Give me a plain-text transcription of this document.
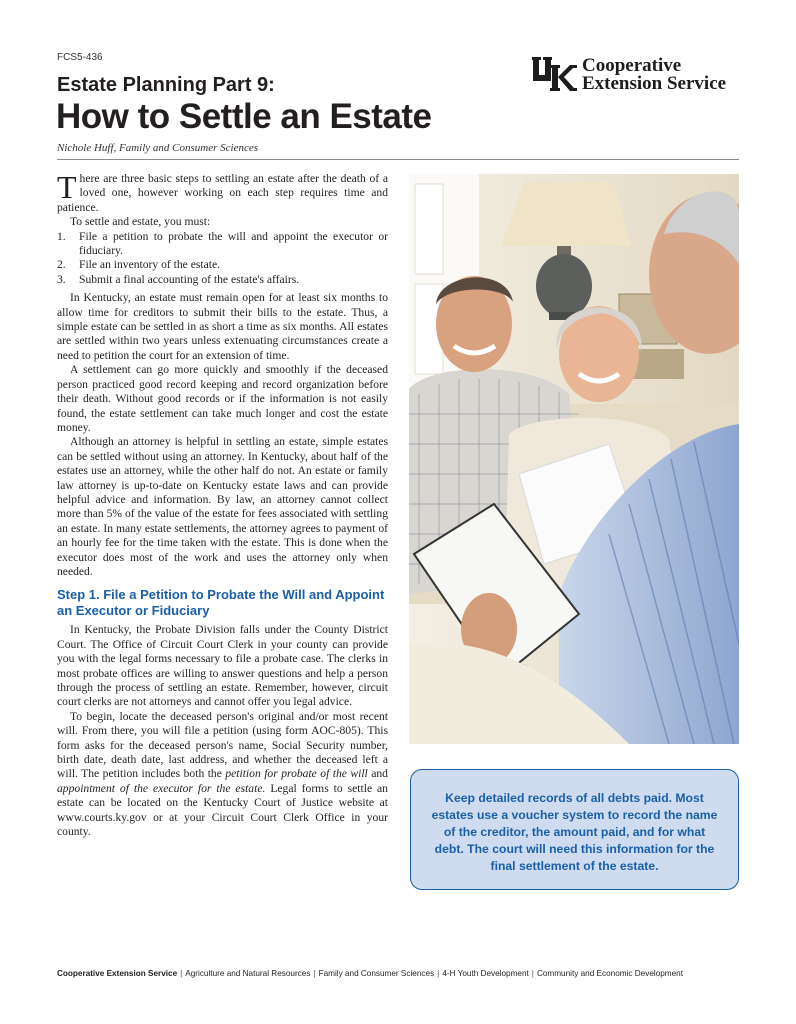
FCS5-436
Estate Planning Part 9:
How to Settle an Estate
Nichole Huff, Family and Consumer Sciences
Cooperative
Extension Service

There are three basic steps to settling an estate after the death of a loved one, however working on each step requires time and patience.

To settle and estate, you must:

1. File a petition to probate the will and appoint the executor or fiduciary.
2. File an inventory of the estate.
3. Submit a final accounting of the estate's affairs.

In Kentucky, an estate must remain open for at least six months to allow time for creditors to submit their bills to the estate. Thus, a simple estate can be settled in as short a time as six months. All estates are settled within two years unless extenuating circumstances create a need to petition the court for an extension of time.

A settlement can go more quickly and smoothly if the deceased person practiced good record keeping and record organization before their death. Without good records or if the information is not easily found, the estate settlement can take much longer and cost the estate money.

Although an attorney is helpful in settling an estate, simple estates can be settled without using an attorney. In Kentucky, about half of the estates use an attorney, while the other half do not. An estate or family law attorney is up-to-date on Kentucky estate laws and can provide helpful advice and information. By law, an attorney cannot collect more than 5% of the value of the estate for fees associated with settling an estate. In many estate settlements, the attorney agrees to payment of an hourly fee for the time taken with the estate. This is done when the executor does most of the work and uses the attorney only when needed.

Step 1. File a Petition to Probate the Will and Appoint an Executor or Fiduciary

In Kentucky, the Probate Division falls under the County District Court. The Office of Circuit Court Clerk in your county can provide you with the legal forms necessary to file a probate case. The clerks in most probate offices are willing to answer questions and help a person through the process of settling an estate. Remember, however, circuit court clerks are not attorneys and cannot offer you legal advice.

To begin, locate the deceased person's original and/or most recent will. From there, you will file a petition (using form AOC-805). This form asks for the deceased person's name, Social Security number, birth date, death date, last address, and whether the deceased left a will. The petition includes both the petition for probate of the will and appointment of the executor for the estate. Legal forms to settle an estate can be located on the Kentucky Court of Justice website at www.courts.ky.gov or at your Circuit Court Clerk Office in your county.

Keep detailed records of all debts paid. Most estates use a voucher system to record the name of the creditor, the amount paid, and for what debt. The court will need this information for the final settlement of the estate.
Cooperative Extension Service | Agriculture and Natural Resources | Family and Consumer Sciences | 4-H Youth Development | Community and Economic Development
